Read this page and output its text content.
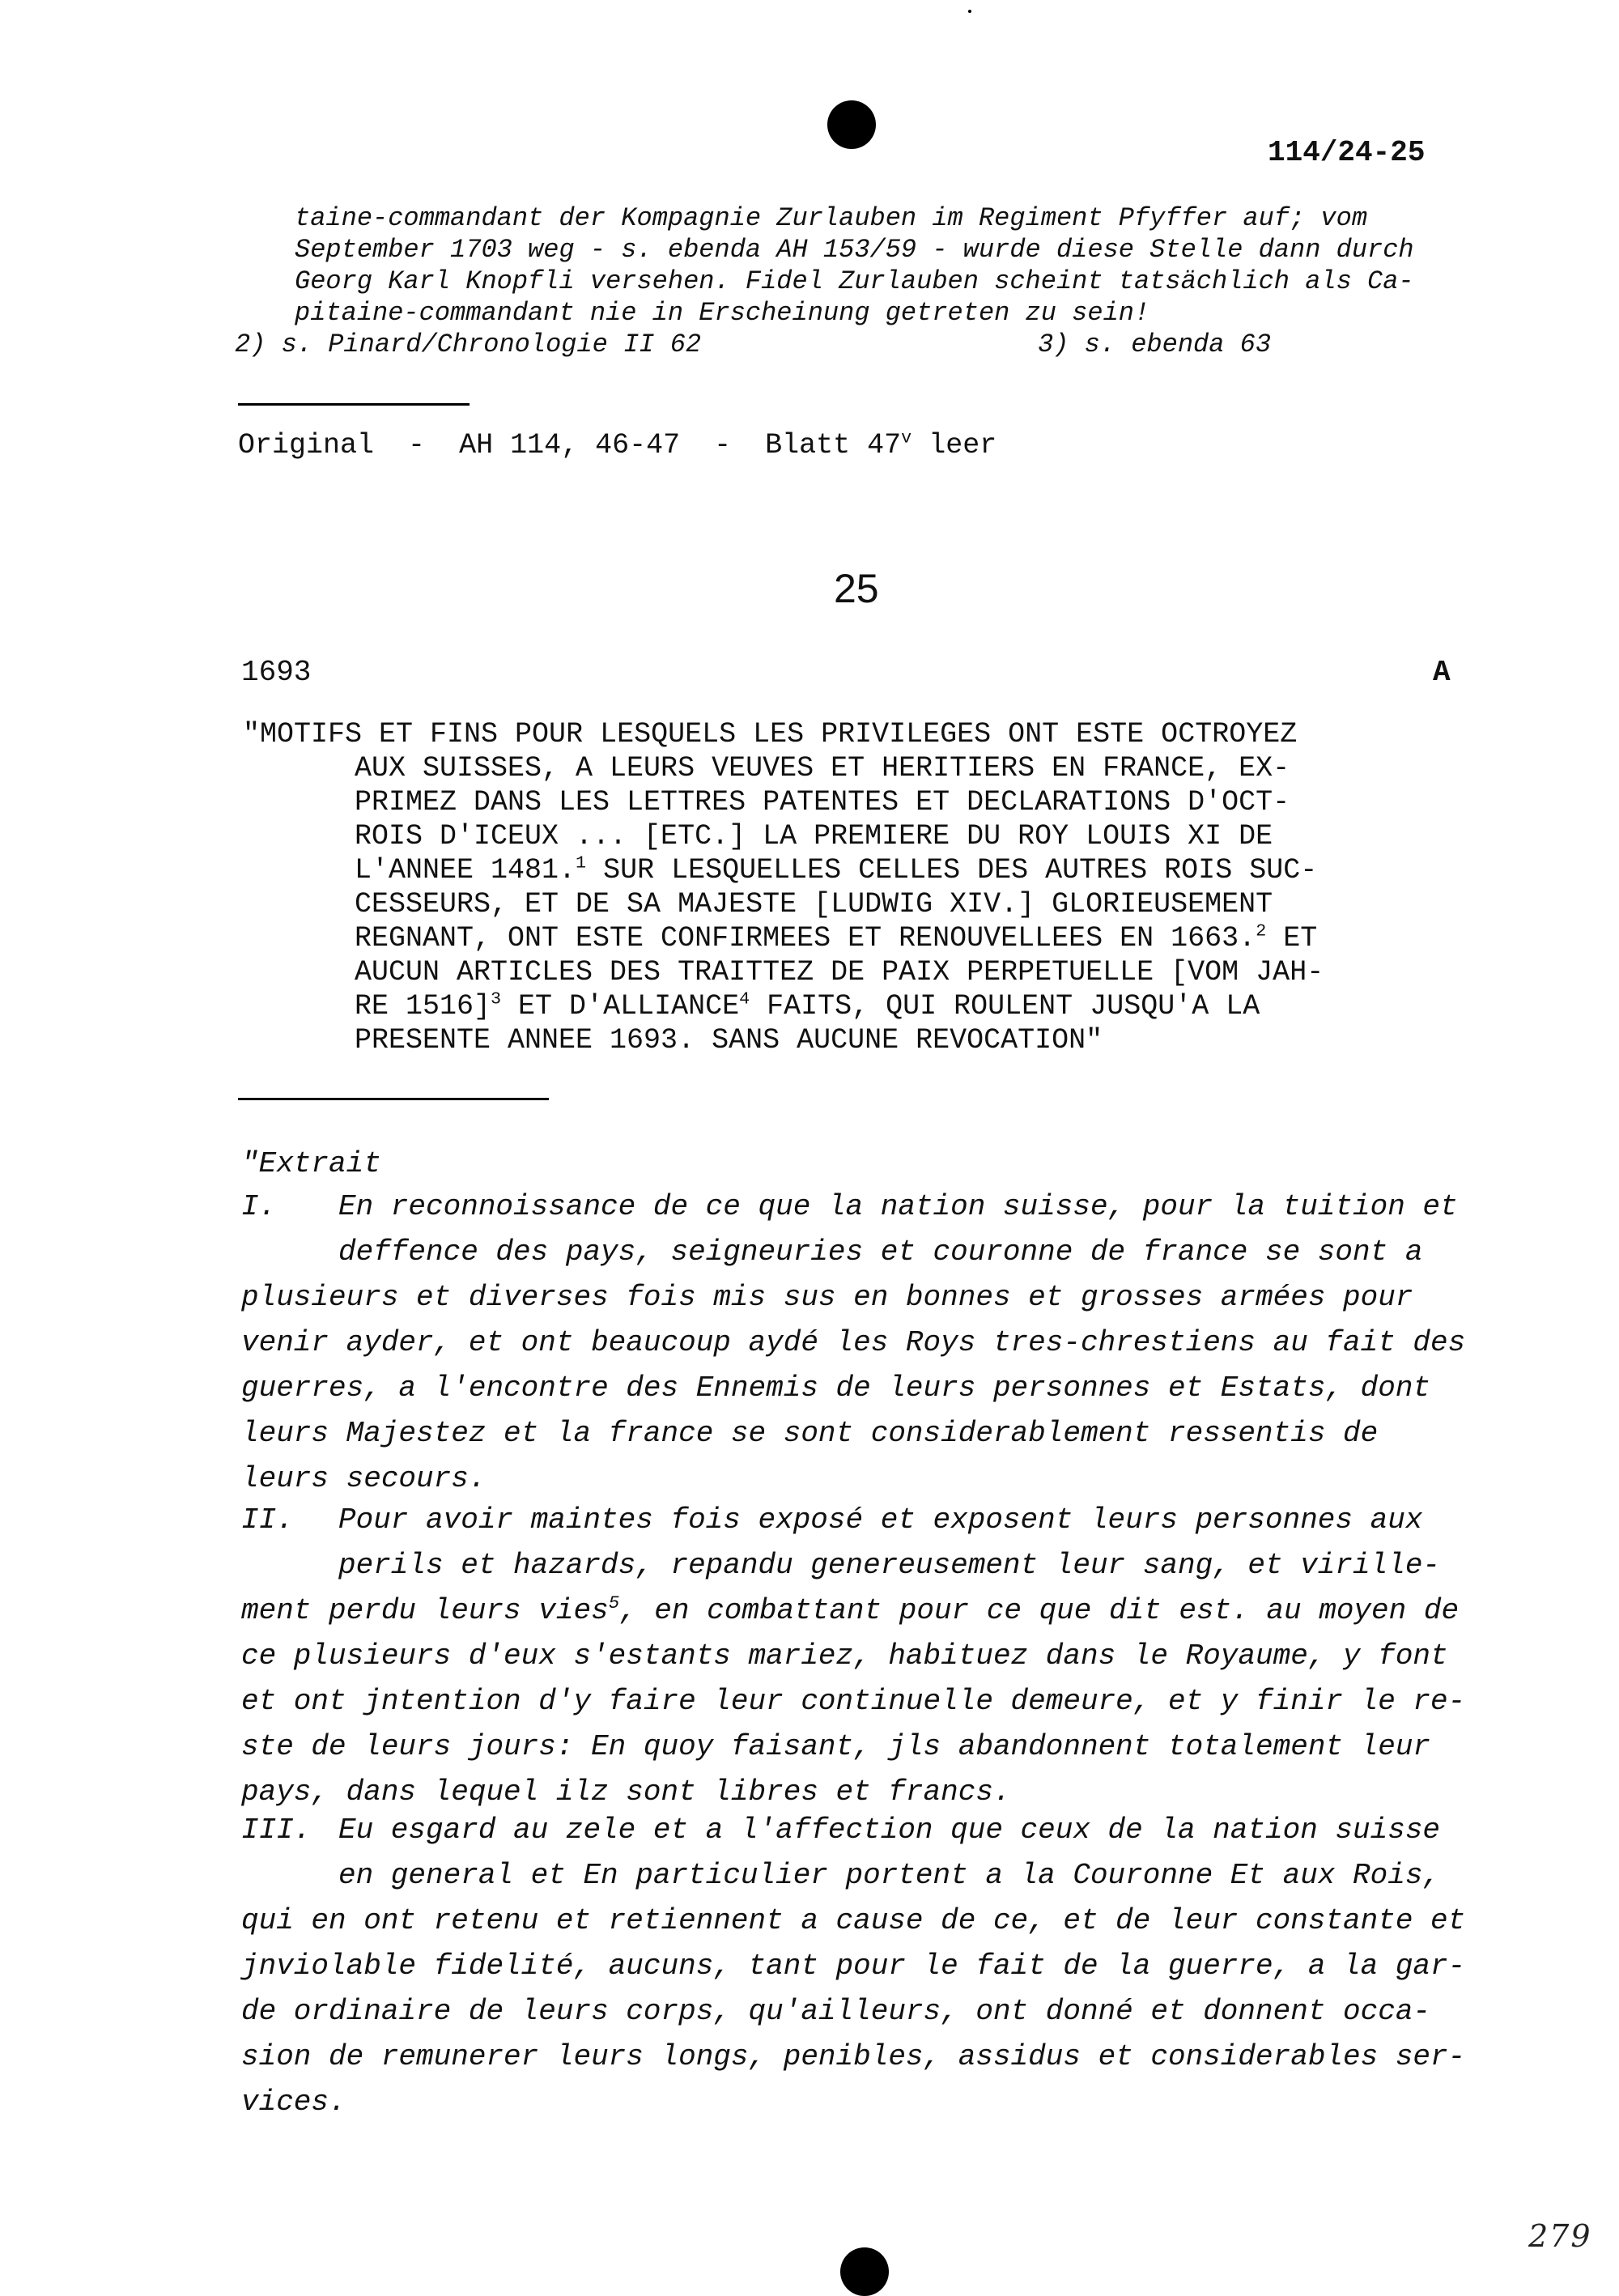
114/24-25
taine-commandant der Kompagnie Zurlauben im Regiment Pfyffer auf; vom
September 1703 weg - s. ebenda AH 153/59 - wurde diese Stelle dann durch
Georg Karl Knopfli versehen. Fidel Zurlauben scheint tatsächlich als Ca-
pitaine-commandant nie in Erscheinung getreten zu sein!
2) s. Pinard/Chronologie II 62	3) s. ebenda 63
Original  -  AH 114, 46-47  -  Blatt 47$^v$ leer
25
1693	A
"MOTIFS ET FINS POUR LESQUELS LES PRIVILEGES ONT ESTE OCTROYEZ
AUX SUISSES, A LEURS VEUVES ET HERITIERS EN FRANCE, EX-
PRIMEZ DANS LES LETTRES PATENTES ET DECLARATIONS D'OCT-
ROIS D'ICEUX ... [ETC.] LA PREMIERE DU ROY LOUIS XI DE
L'ANNEE 1481.$^1$ SUR LESQUELLES CELLES DES AUTRES ROIS SUC-
CESSEURS, ET DE SA MAJESTE [LUDWIG XIV.] GLORIEUSEMENT
REGNANT, ONT ESTE CONFIRMEES ET RENOUVELLEES EN 1663.$^2$ ET
AUCUN ARTICLES DES TRAITTEZ DE PAIX PERPETUELLE [VOM JAH-
RE 1516]$^3$ ET D'ALLIANCE$^4$ FAITS, QUI ROULENT JUSQU'A LA
PRESENTE ANNEE 1693. SANS AUCUNE REVOCATION"
"Extrait
I. En reconnoissance de ce que la nation suisse, pour la tuition et
deffence des pays, seigneuries et couronne de france se sont a
plusieurs et diverses fois mis sus en bonnes et grosses armées pour
venir ayder, et ont beaucoup aydé les Roys tres-chrestiens au fait des
guerres, a l'encontre des Ennemis de leurs personnes et Estats, dont
leurs Majestez et la france se sont considerablement ressentis de
leurs secours.
II. Pour avoir maintes fois exposé et exposent leurs personnes aux
perils et hazards, repandu genereusement leur sang, et virille-
ment perdu leurs vies$^5$, en combattant pour ce que dit est. au moyen de
ce plusieurs d'eux s'estants mariez, habituez dans le Royaume, y font
et ont jntention d'y faire leur continuelle demeure, et y finir le re-
ste de leurs jours: En quoy faisant, jls abandonnent totalement leur
pays, dans lequel ilz sont libres et francs.
III. Eu esgard au zele et a l'affection que ceux de la nation suisse
en general et En particulier portent a la Couronne Et aux Rois,
qui en ont retenu et retiennent a cause de ce, et de leur constante et
jnviolable fidelité, aucuns, tant pour le fait de la guerre, a la gar-
de ordinaire de leurs corps, qu'ailleurs, ont donné et donnent occa-
sion de remunerer leurs longs, penibles, assidus et considerables ser-
vices.
279
